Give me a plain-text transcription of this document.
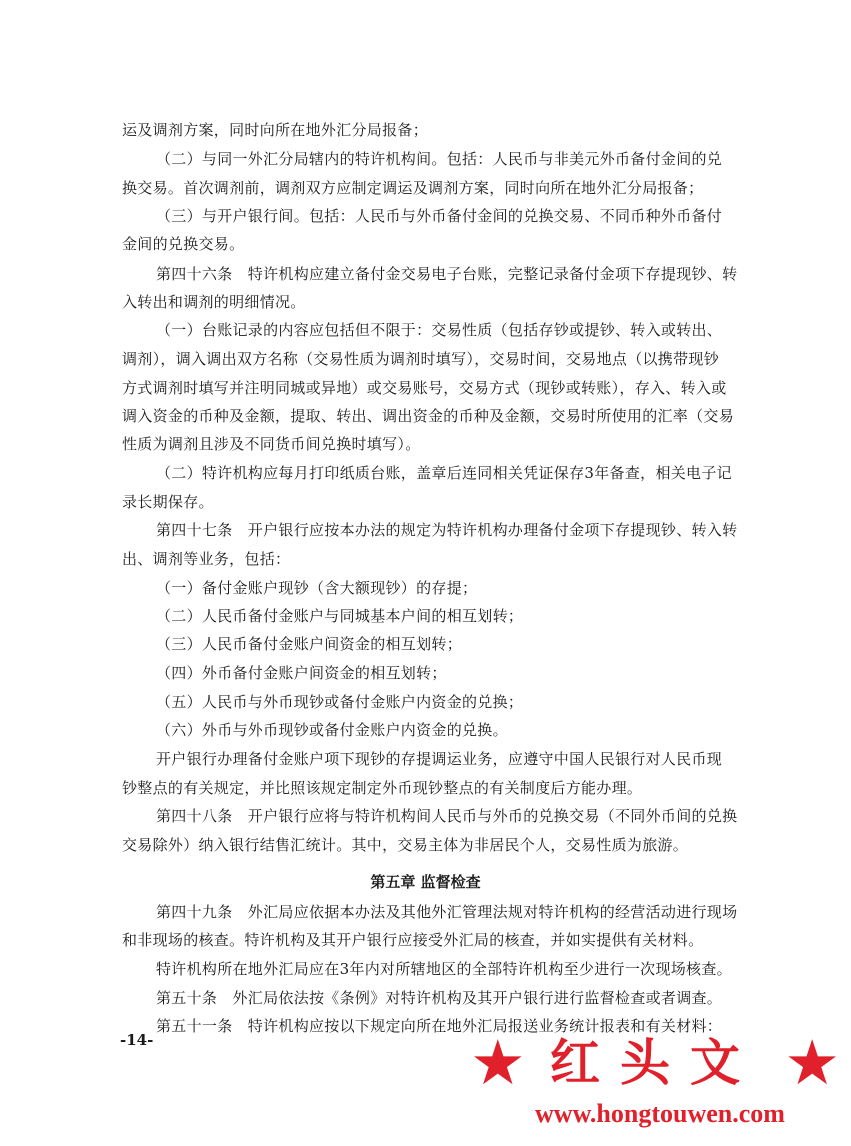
运及调剂方案，同时向所在地外汇分局报备；
（二）与同一外汇分局辖内的特许机构间。包括：人民币与非美元外币备付金间的兑
换交易。首次调剂前，调剂双方应制定调运及调剂方案，同时向所在地外汇分局报备；
（三）与开户银行间。包括：人民币与外币备付金间的兑换交易、不同币种外币备付
金间的兑换交易。
第四十六条　特许机构应建立备付金交易电子台账，完整记录备付金项下存提现钞、转
入转出和调剂的明细情况。
（一）台账记录的内容应包括但不限于：交易性质（包括存钞或提钞、转入或转出、
调剂），调入调出双方名称（交易性质为调剂时填写），交易时间，交易地点（以携带现钞
方式调剂时填写并注明同城或异地）或交易账号，交易方式（现钞或转账），存入、转入或
调入资金的币种及金额，提取、转出、调出资金的币种及金额，交易时所使用的汇率（交易
性质为调剂且涉及不同货币间兑换时填写）。
（二）特许机构应每月打印纸质台账，盖章后连同相关凭证保存3年备查，相关电子记
录长期保存。
第四十七条　开户银行应按本办法的规定为特许机构办理备付金项下存提现钞、转入转
出、调剂等业务，包括：
（一）备付金账户现钞（含大额现钞）的存提；
（二）人民币备付金账户与同城基本户间的相互划转；
（三）人民币备付金账户间资金的相互划转；
（四）外币备付金账户间资金的相互划转；
（五）人民币与外币现钞或备付金账户内资金的兑换；
（六）外币与外币现钞或备付金账户内资金的兑换。
开户银行办理备付金账户项下现钞的存提调运业务，应遵守中国人民银行对人民币现
钞整点的有关规定，并比照该规定制定外币现钞整点的有关制度后方能办理。
第四十八条　开户银行应将与特许机构间人民币与外币的兑换交易（不同外币间的兑换
交易除外）纳入银行结售汇统计。其中，交易主体为非居民个人，交易性质为旅游。
第五章 监督检查
第四十九条　外汇局应依据本办法及其他外汇管理法规对特许机构的经营活动进行现场
和非现场的核查。特许机构及其开户银行应接受外汇局的核查，并如实提供有关材料。
特许机构所在地外汇局应在3年内对所辖地区的全部特许机构至少进行一次现场核查。
第五十条　外汇局依法按《条例》对特许机构及其开户银行进行监督检查或者调查。
第五十一条　特许机构应按以下规定向所在地外汇局报送业务统计报表和有关材料：
-14-	★ 红头文 ★
www.hongtouwen.com
